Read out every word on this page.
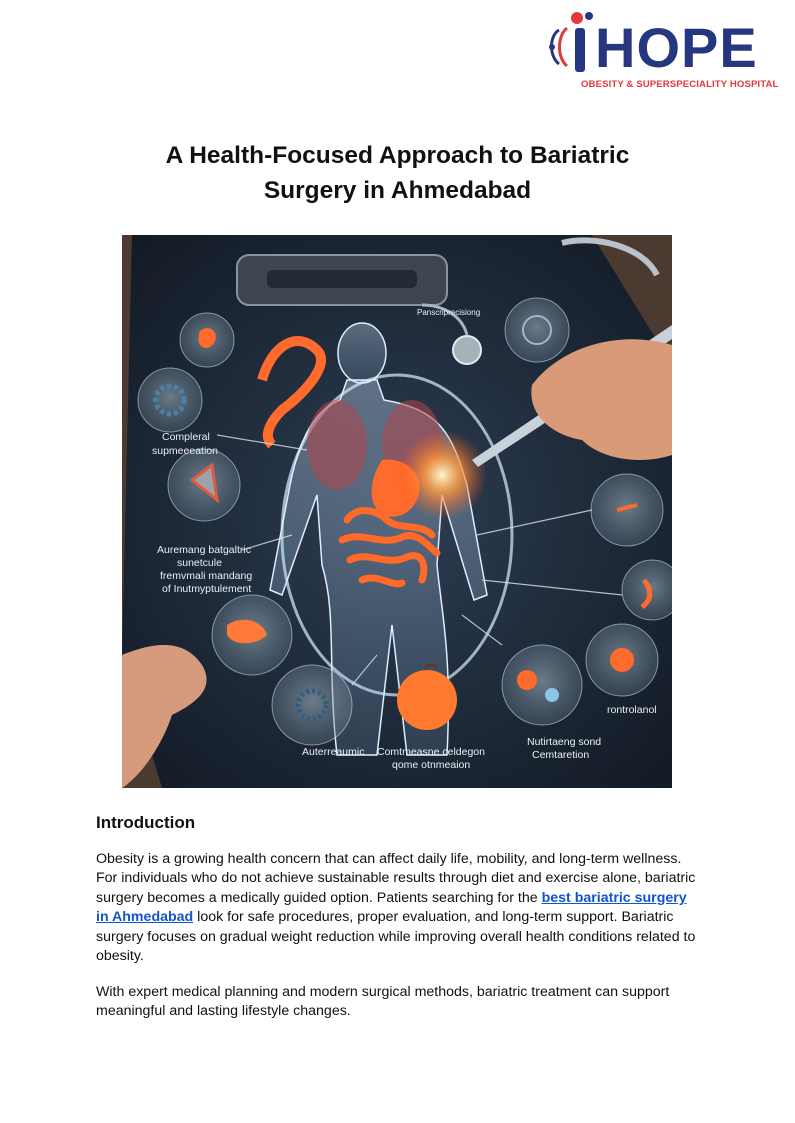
HOPE
OBESITY & SUPERSPECIALITY HOSPITAL
A Health-Focused Approach to Bariatric
Surgery in Ahmedabad
Compleral
supmeeeation
Auremang batgaltric
sunetcule
fremvmali mandang
of Inutmyptulement
Panscriprecisiong
Auterreaumic Comtmeasne celdegon
qome otnmeaion
Nutirtaeng sond
Cemtaretion
rontrolanol
Introduction

Obesity is a growing health concern that can affect daily life, mobility, and long-term wellness. For individuals who do not achieve sustainable results through diet and exercise alone, bariatric surgery becomes a medically guided option. Patients searching for the best bariatric surgery in Ahmedabad look for safe procedures, proper evaluation, and long-term support. Bariatric surgery focuses on gradual weight reduction while improving overall health conditions related to obesity.

With expert medical planning and modern surgical methods, bariatric treatment can support meaningful and lasting lifestyle changes.
